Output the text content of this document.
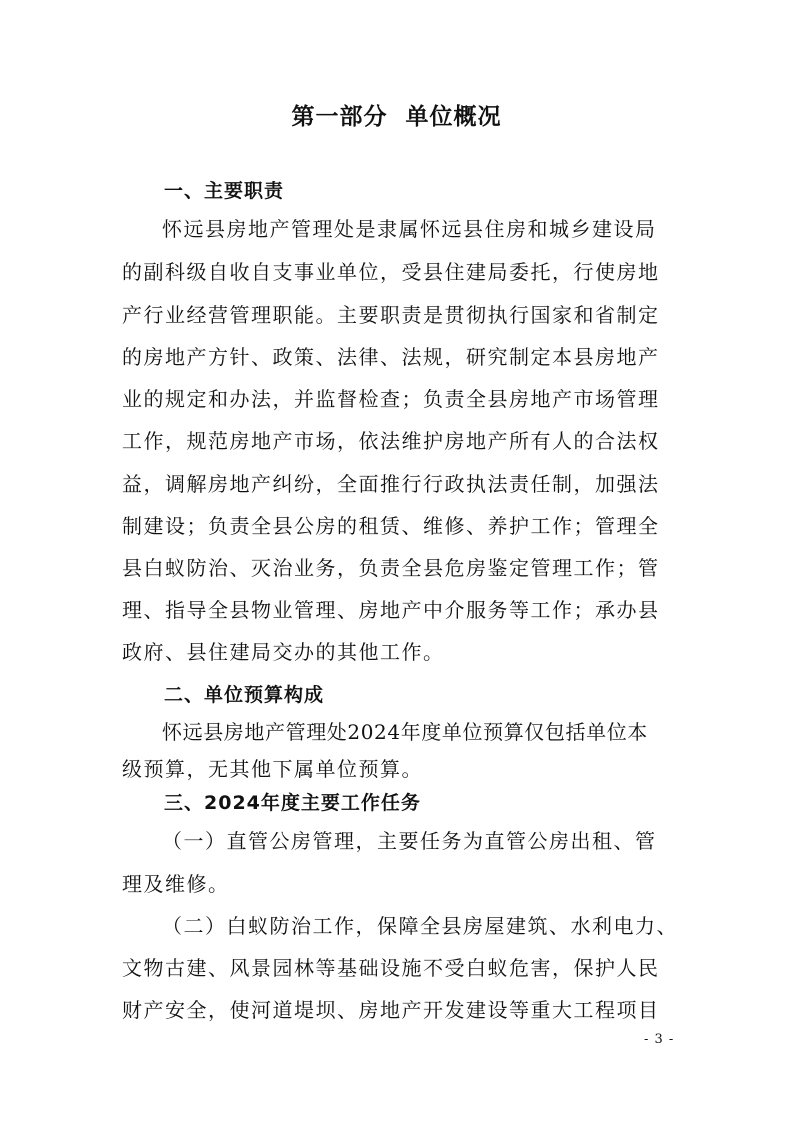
第一部分  单位概况
一、主要职责
怀远县房地产管理处是隶属怀远县住房和城乡建设局
的副科级自收自支事业单位，受县住建局委托，行使房地
产行业经营管理职能。主要职责是贯彻执行国家和省制定
的房地产方针、政策、法律、法规，研究制定本县房地产
业的规定和办法，并监督检查；负责全县房地产市场管理
工作，规范房地产市场，依法维护房地产所有人的合法权
益，调解房地产纠纷，全面推行行政执法责任制，加强法
制建设；负责全县公房的租赁、维修、养护工作；管理全
县白蚁防治、灭治业务，负责全县危房鉴定管理工作；管
理、指导全县物业管理、房地产中介服务等工作；承办县
政府、县住建局交办的其他工作。
二、单位预算构成
怀远县房地产管理处2024年度单位预算仅包括单位本
级预算，无其他下属单位预算。
三、2024年度主要工作任务
（一）直管公房管理，主要任务为直管公房出租、管
理及维修。
（二）白蚁防治工作，保障全县房屋建筑、水利电力、
文物古建、风景园林等基础设施不受白蚁危害，保护人民
财产安全，使河道堤坝、房地产开发建设等重大工程项目
- 3 -
